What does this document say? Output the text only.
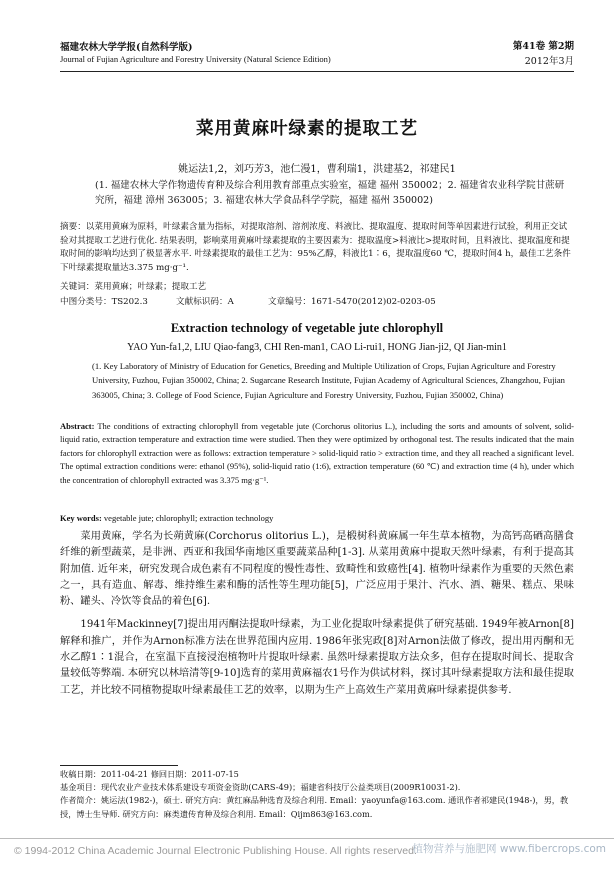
福建农林大学学报(自然科学版)
Journal of Fujian Agriculture and Forestry University (Natural Science Edition)
第41卷 第2期
2012年3月
菜用黄麻叶绿素的提取工艺
姚运法1,2，刘巧芳3，池仁漫1，曹利瑞1，洪建基2，祁建民1
(1. 福建农林大学作物遗传育种及综合利用教育部重点实验室，福建 福州 350002；2. 福建省农业科学院甘蔗研究所，福建 漳州 363005；3. 福建农林大学食品科学学院，福建 福州 350002)
摘要：以菜用黄麻为原料，叶绿素含量为指标，对提取溶剂、溶剂浓度、料液比、提取温度、提取时间等单因素进行试验，利用正交试验对其提取工艺进行优化. 结果表明，影响菜用黄麻叶绿素提取的主要因素为：提取温度>料液比>提取时间，且料液比、提取温度和提取时间的影响均达到了极显著水平. 叶绿素提取的最佳工艺为：95%乙醇，料液比1∶6，提取温度60 ℃，提取时间4 h，最佳工艺条件下叶绿素提取量达3.375 mg·g⁻¹.
关键词：菜用黄麻；叶绿素；提取工艺
中图分类号：TS202.3	文献标识码：A	文章编号：1671-5470(2012)02-0203-05
Extraction technology of vegetable jute chlorophyll
YAO Yun-fa1,2, LIU Qiao-fang3, CHI Ren-man1, CAO Li-rui1, HONG Jian-ji2, QI Jian-min1
(1. Key Laboratory of Ministry of Education for Genetics, Breeding and Multiple Utilization of Crops, Fujian Agriculture and Forestry University, Fuzhou, Fujian 350002, China; 2. Sugarcane Research Institute, Fujian Academy of Agricultural Sciences, Zhangzhou, Fujian 363005, China; 3. College of Food Science, Fujian Agriculture and Forestry University, Fuzhou, Fujian 350002, China)
Abstract: The conditions of extracting chlorophyll from vegetable jute (Corchorus olitorius L.), including the sorts and amounts of solvent, solid-liquid ratio, extraction temperature and extraction time were studied. Then they were optimized by orthogonal test. The results indicated that the main factors for chlorophyll extraction were as follows: extraction temperature > solid-liquid ratio > extraction time, and they all reached a significant level. The optimal extraction conditions were: ethanol (95%), solid-liquid ratio (1:6), extraction temperature (60 ℃) and extraction time (4 h), under which the concentration of chlorophyll extracted was 3.375 mg·g⁻¹.
Key words: vegetable jute; chlorophyll; extraction technology

菜用黄麻，学名为长蒴黄麻(Corchorus olitorius L.)，是椴树科黄麻属一年生草本植物，为高钙高硒高膳食纤维的新型蔬菜，是非洲、西亚和我国华南地区重要蔬菜品种[1-3]. 从菜用黄麻中提取天然叶绿素，有利于提高其附加值. 近年来，研究发现合成色素有不同程度的慢性毒性、致畸性和致癌性[4]. 植物叶绿素作为重要的天然色素之一，具有造血、解毒、维持维生素和酶的活性等生理功能[5]，广泛应用于果汁、汽水、酒、糖果、糕点、果味粉、罐头、冷饮等食品的着色[6].

1941年Mackinney[7]提出用丙酮法提取叶绿素，为工业化提取叶绿素提供了研究基础. 1949年被Arnon[8]解释和推广，并作为Arnon标准方法在世界范围内应用. 1986年张宪政[8]对Arnon法做了修改，提出用丙酮和无水乙醇1∶1混合，在室温下直接浸泡植物叶片提取叶绿素. 虽然叶绿素提取方法众多，但存在提取时间长、提取含量较低等弊端. 本研究以林培清等[9-10]选育的菜用黄麻福农1号作为供试材料，探讨其叶绿素提取方法和最佳提取工艺，并比较不同植物提取叶绿素最佳工艺的效率，以期为生产上高效生产菜用黄麻叶绿素提供参考.

收稿日期：2011-04-21 修回日期：2011-07-15
基金项目：现代农业产业技术体系建设专项资金资助(CARS-49)；福建省科技厅公益类项目(2009R10031-2).
作者简介：姚运法(1982-)，硕士. 研究方向：黄红麻品种选育及综合利用. Email：yaoyunfa@163.com. 通讯作者祁建民(1948-)，男，教授，博士生导师. 研究方向：麻类遗传育种及综合利用. Email：Qijm863@163.com.
© 1994-2012 China Academic Journal Electronic Publishing House. All rights reserved.
植物营养与施肥网 www.fibercrops.com
